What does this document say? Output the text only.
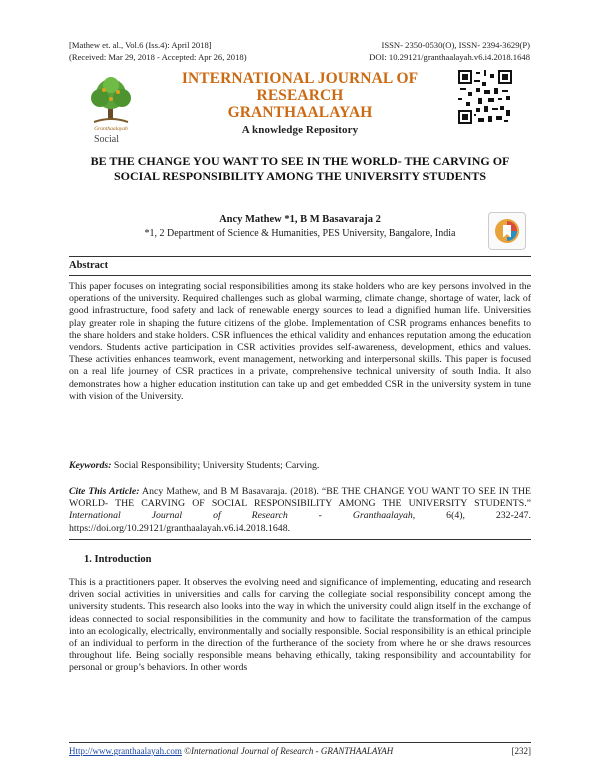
[Mathew et. al., Vol.6 (Iss.4): April 2018]
(Received: Mar 29, 2018 - Accepted: Apr 26, 2018)
ISSN- 2350-0530(O), ISSN- 2394-3629(P)
DOI: 10.29121/granthaalayah.v6.i4.2018.1648
Granthaalayah
INTERNATIONAL JOURNAL OF RESEARCH
GRANTHAALAYAH
A knowledge Repository
Social
BE THE CHANGE YOU WANT TO SEE IN THE WORLD- THE CARVING OF SOCIAL RESPONSIBILITY AMONG THE UNIVERSITY STUDENTS
Ancy Mathew *1, B M Basavaraja 2
*1, 2 Department of Science & Humanities, PES University, Bangalore, India
Abstract
This paper focuses on integrating social responsibilities among its stake holders who are key persons involved in the operations of the university. Required challenges such as global warming, climate change, shortage of water, lack of good infrastructure, food safety and lack of renewable energy sources to lead a dignified human life. Universities play greater role in shaping the future citizens of the globe. Implementation of CSR programs enhances benefits to the share holders and stake holders. CSR influences the ethical validity and enhances reputation among the education vendors. Students active participation in CSR activities provides self-awareness, development, ethics and values. These activities enhances teamwork, event management, networking and interpersonal skills. This paper is focused on a real life journey of CSR practices in a private, comprehensive technical university of south India. It also demonstrates how a higher education institution can take up and get embedded CSR in the university system in tune with vision of the University.
Keywords: Social Responsibility; University Students; Carving.
Cite This Article: Ancy Mathew, and B M Basavaraja. (2018). “BE THE CHANGE YOU WANT TO SEE IN THE WORLD- THE CARVING OF SOCIAL RESPONSIBILITY AMONG THE UNIVERSITY STUDENTS.” International Journal of Research - Granthaalayah, 6(4), 232-247. https://doi.org/10.29121/granthaalayah.v6.i4.2018.1648.
1. Introduction
This is a practitioners paper. It observes the evolving need and significance of implementing, educating and research driven social activities in universities and calls for carving the collegiate social responsibility concept among the university students. This research also looks into the way in which the university could align itself in the exchange of ideas connected to social responsibilities in the community and how to facilitate the transformation of the campus into an ecologically, electrically, environmentally and socially responsible. Social responsibility is an ethical principle of an individual to perform in the direction of the furtherance of the society from where he or she draws resources throughout life. Being socially responsible means behaving ethically, taking responsibility and accountability for personal or group’s behaviors. In other words
Http://www.granthaalayah.com ©International Journal of Research - GRANTHAALAYAH	[232]
